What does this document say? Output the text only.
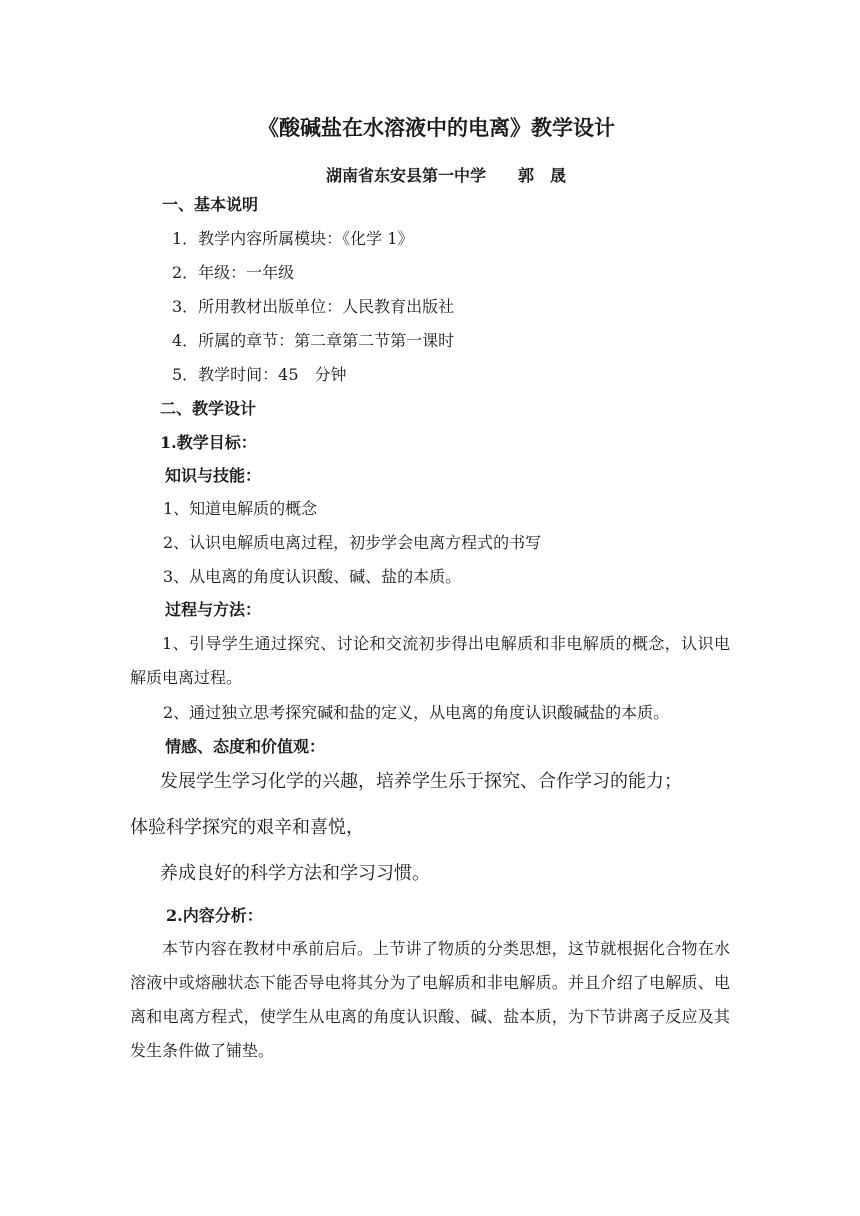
《酸碱盐在水溶液中的电离》教学设计
湖南省东安县第一中学　　郭　晟
一、基本说明
1．教学内容所属模块：《化学 1》
2．年级：一年级
3．所用教材出版单位：人民教育出版社
4．所属的章节：第二章第二节第一课时
5．教学时间：45　分钟
二、教学设计
1.教学目标：
知识与技能：
1、知道电解质的概念
2、认识电解质电离过程，初步学会电离方程式的书写
3、从电离的角度认识酸、碱、盐的本质。
过程与方法：
1、引导学生通过探究、讨论和交流初步得出电解质和非电解质的概念，认识电解质电离过程。
2、通过独立思考探究碱和盐的定义，从电离的角度认识酸碱盐的本质。
情感、态度和价值观：
发展学生学习化学的兴趣，培养学生乐于探究、合作学习的能力；
体验科学探究的艰辛和喜悦，
养成良好的科学方法和学习习惯。
2.内容分析：
本节内容在教材中承前启后。上节讲了物质的分类思想，这节就根据化合物在水溶液中或熔融状态下能否导电将其分为了电解质和非电解质。并且介绍了电解质、电离和电离方程式，使学生从电离的角度认识酸、碱、盐本质，为下节讲离子反应及其发生条件做了铺垫。
